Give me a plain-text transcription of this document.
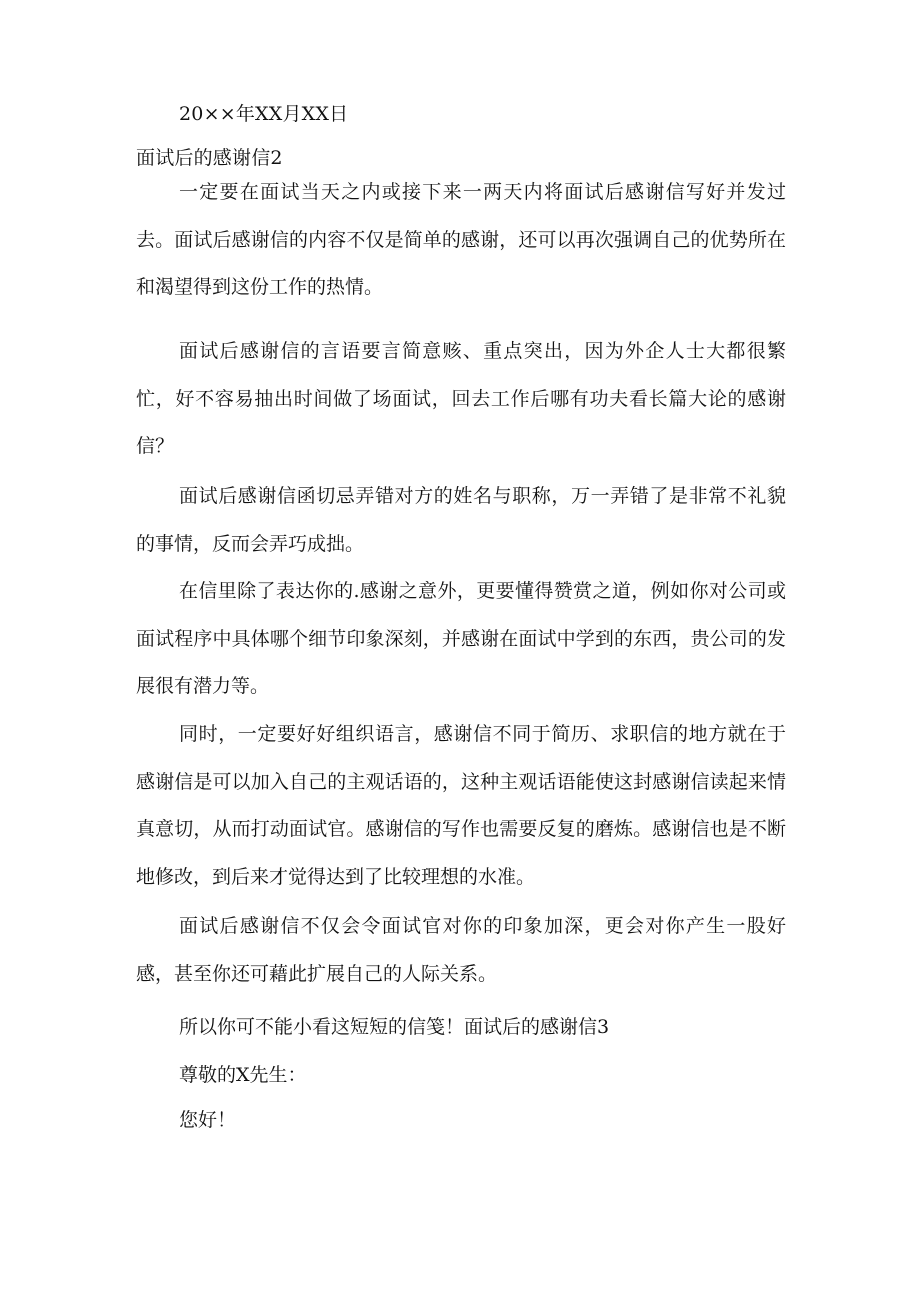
20××年XX月XX日
面试后的感谢信2

一定要在面试当天之内或接下来一两天内将面试后感谢信写好并发过去。面试后感谢信的内容不仅是简单的感谢，还可以再次强调自己的优势所在和渴望得到这份工作的热情。

面试后感谢信的言语要言简意赅、重点突出，因为外企人士大都很繁忙，好不容易抽出时间做了场面试，回去工作后哪有功夫看长篇大论的感谢信？

面试后感谢信函切忌弄错对方的姓名与职称，万一弄错了是非常不礼貌的事情，反而会弄巧成拙。

在信里除了表达你的.感谢之意外，更要懂得赞赏之道，例如你对公司或面试程序中具体哪个细节印象深刻，并感谢在面试中学到的东西，贵公司的发展很有潜力等。

同时，一定要好好组织语言，感谢信不同于简历、求职信的地方就在于感谢信是可以加入自己的主观话语的，这种主观话语能使这封感谢信读起来情真意切，从而打动面试官。感谢信的写作也需要反复的磨炼。感谢信也是不断地修改，到后来才觉得达到了比较理想的水准。

面试后感谢信不仅会令面试官对你的印象加深，更会对你产生一股好感，甚至你还可藉此扩展自己的人际关系。

所以你可不能小看这短短的信笺！面试后的感谢信3
尊敬的X先生：
您好！
